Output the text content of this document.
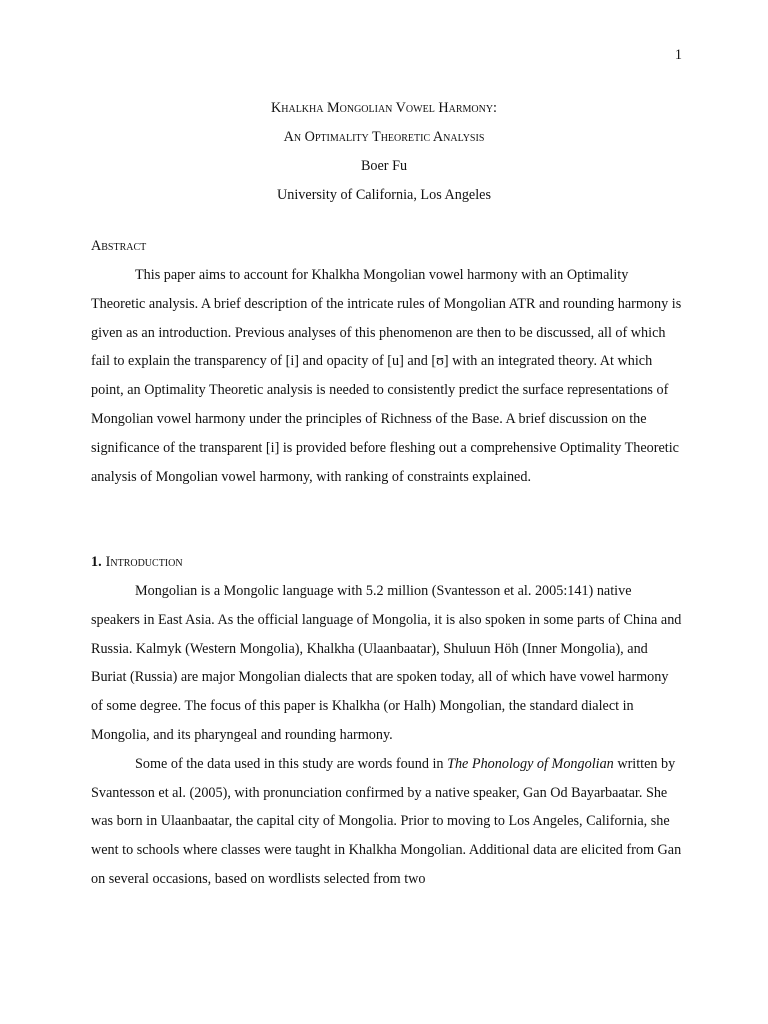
1
Khalkha Mongolian Vowel Harmony:
An Optimality Theoretic Analysis
Boer Fu
University of California, Los Angeles
Abstract

This paper aims to account for Khalkha Mongolian vowel harmony with an Optimality Theoretic analysis. A brief description of the intricate rules of Mongolian ATR and rounding harmony is given as an introduction. Previous analyses of this phenomenon are then to be discussed, all of which fail to explain the transparency of [i] and opacity of [u] and [ʊ] with an integrated theory. At which point, an Optimality Theoretic analysis is needed to consistently predict the surface representations of Mongolian vowel harmony under the principles of Richness of the Base. A brief discussion on the significance of the transparent [i] is provided before fleshing out a comprehensive Optimality Theoretic analysis of Mongolian vowel harmony, with ranking of constraints explained.

1. Introduction

Mongolian is a Mongolic language with 5.2 million (Svantesson et al. 2005:141) native speakers in East Asia. As the official language of Mongolia, it is also spoken in some parts of China and Russia. Kalmyk (Western Mongolia), Khalkha (Ulaanbaatar), Shuluun Höh (Inner Mongolia), and Buriat (Russia) are major Mongolian dialects that are spoken today, all of which have vowel harmony of some degree. The focus of this paper is Khalkha (or Halh) Mongolian, the standard dialect in Mongolia, and its pharyngeal and rounding harmony.

Some of the data used in this study are words found in The Phonology of Mongolian written by Svantesson et al. (2005), with pronunciation confirmed by a native speaker, Gan Od Bayarbaatar. She was born in Ulaanbaatar, the capital city of Mongolia. Prior to moving to Los Angeles, California, she went to schools where classes were taught in Khalkha Mongolian. Additional data are elicited from Gan on several occasions, based on wordlists selected from two
